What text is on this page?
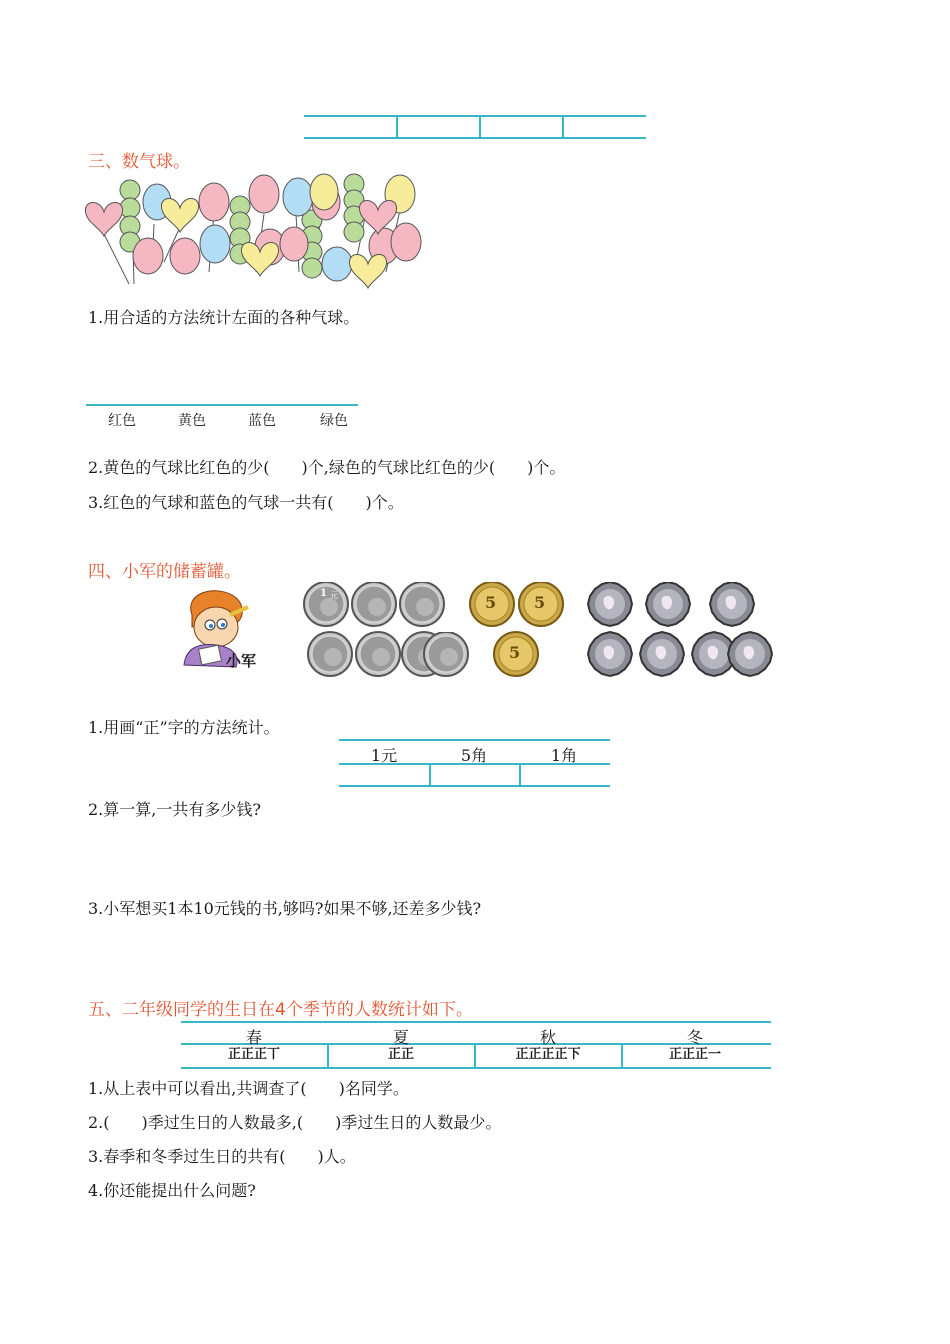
三、数气球。
1.用合适的方法统计左面的各种气球。
红色	黄色	蓝色	绿色
2.黄色的气球比红色的少(　　)个,绿色的气球比红色的少(　　)个。
3.红色的气球和蓝色的气球一共有(　　)个。
四、小军的储蓄罐。
小军
1 元	5 5
5
1.用画“正”字的方法统计。
1元	5角	1角
2.算一算,一共有多少钱?
3.小军想买1本10元钱的书,够吗?如果不够,还差多少钱?
五、二年级同学的生日在4个季节的人数统计如下。
春	夏	秋	冬
正正正丅	正正	正正正正下	正正正一
1.从上表中可以看出,共调查了(　　)名同学。
2.(　　)季过生日的人数最多,(　　)季过生日的人数最少。
3.春季和冬季过生日的共有(　　)人。
4.你还能提出什么问题?
